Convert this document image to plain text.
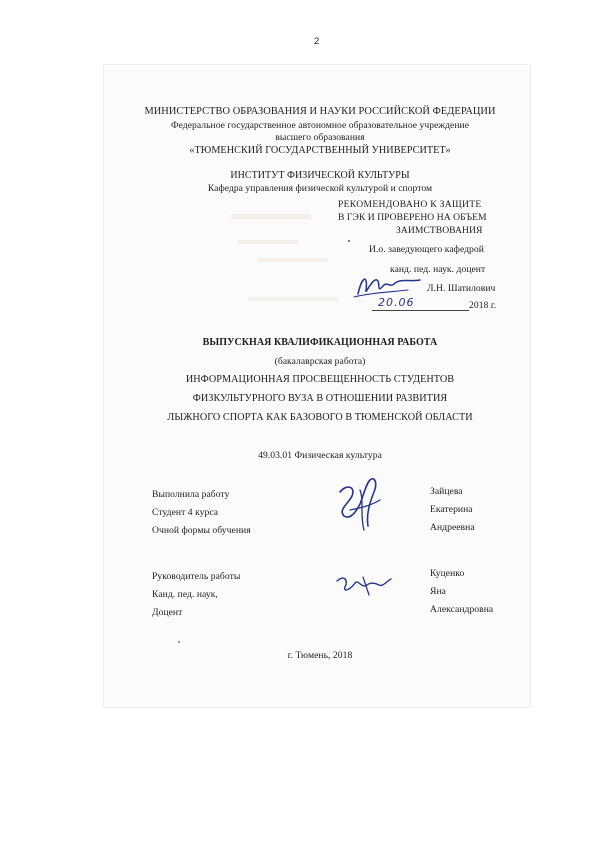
2
МИНИСТЕРСТВО ОБРАЗОВАНИЯ И НАУКИ РОССИЙСКОЙ ФЕДЕРАЦИИ
Федеральное государственное автономное образовательное учреждение
высшего образования
«ТЮМЕНСКИЙ ГОСУДАРСТВЕННЫЙ УНИВЕРСИТЕТ»
ИНСТИТУТ ФИЗИЧЕСКОЙ КУЛЬТУРЫ
Кафедра управления физической культурой и спортом
РЕКОМЕНДОВАНО К ЗАЩИТЕ
В ГЭК И ПРОВЕРЕНО НА ОБЪЕМ
ЗАИМСТВОВАНИЯ
И.о. заведующего кафедрой
канд. пед. наук. доцент
Л.Н. Шатилович
20.06	2018 г.
ВЫПУСКНАЯ КВАЛИФИКАЦИОННАЯ РАБОТА
(бакалаврская работа)
ИНФОРМАЦИОННАЯ ПРОСВЕЩЕННОСТЬ СТУДЕНТОВ
ФИЗКУЛЬТУРНОГО ВУЗА В ОТНОШЕНИИ РАЗВИТИЯ
ЛЫЖНОГО СПОРТА КАК БАЗОВОГО В ТЮМЕНСКОЙ ОБЛАСТИ
49.03.01 Физическая культура
Выполнила работу
Студент 4 курса
Очной формы обучения
Зайцева
Екатерина
Андреевна
Руководитель работы
Канд. пед. наук,
Доцент
Куценко
Яна
Александровна
г. Тюмень, 2018
